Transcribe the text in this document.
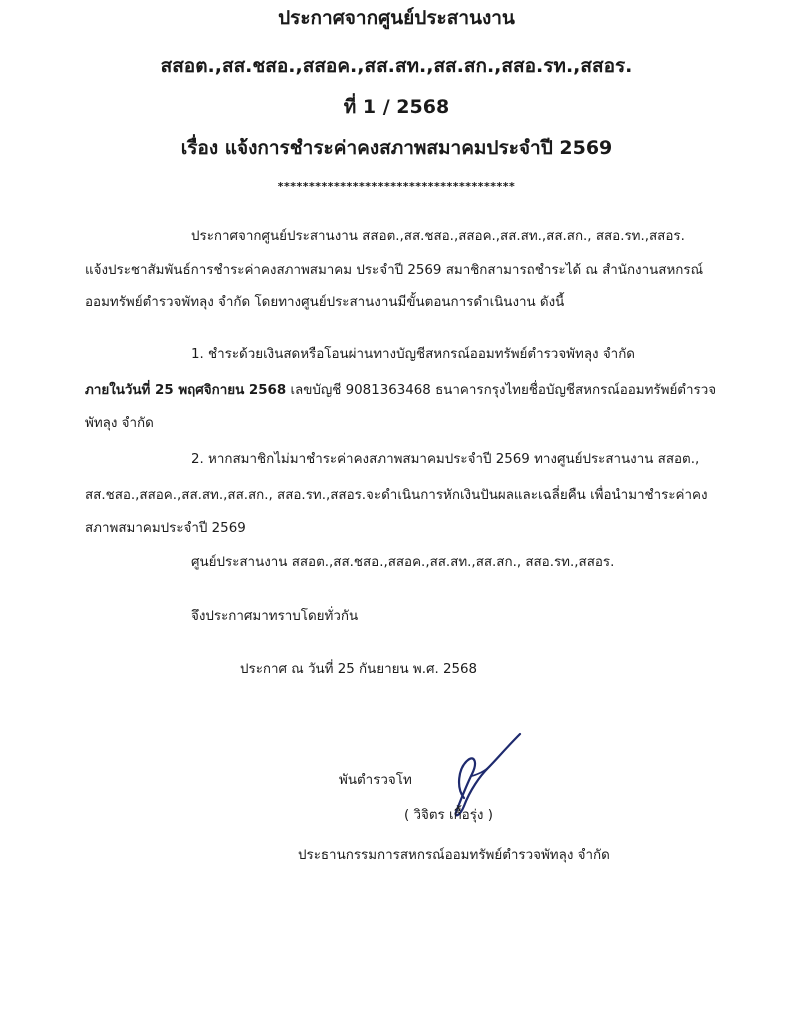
ประกาศจากศูนย์ประสานงาน
สสอต.,สส.ชสอ.,สสอค.,สส.สท.,สส.สก.,สสอ.รท.,สสอร.
ที่ 1 / 2568
เรื่อง แจ้งการชำระค่าคงสภาพสมาคมประจำปี 2569
**************************************
ประกาศจากศูนย์ประสานงาน สสอต.,สส.ชสอ.,สสอค.,สส.สท.,สส.สก., สสอ.รท.,สสอร.
แจ้งประชาสัมพันธ์การชำระค่าคงสภาพสมาคม ประจำปี 2569 สมาชิกสามารถชำระได้ ณ สำนักงานสหกรณ์
ออมทรัพย์ตำรวจพัทลุง จำกัด โดยทางศูนย์ประสานงานมีขั้นตอนการดำเนินงาน ดังนี้
1. ชำระด้วยเงินสดหรือโอนผ่านทางบัญชีสหกรณ์ออมทรัพย์ตำรวจพัทลุง จำกัด
ภายในวันที่ 25 พฤศจิกายน 2568 เลขบัญชี 9081363468 ธนาคารกรุงไทยชื่อบัญชีสหกรณ์ออมทรัพย์ตำรวจ
พัทลุง จำกัด
2. หากสมาชิกไม่มาชำระค่าคงสภาพสมาคมประจำปี 2569 ทางศูนย์ประสานงาน สสอต.,
สส.ชสอ.,สสอค.,สส.สท.,สส.สก., สสอ.รท.,สสอร.จะดำเนินการหักเงินปันผลและเฉลี่ยคืน เพื่อนำมาชำระค่าคง
สภาพสมาคมประจำปี 2569
ศูนย์ประสานงาน สสอต.,สส.ชสอ.,สสอค.,สส.สท.,สส.สก., สสอ.รท.,สสอร.
จึงประกาศมาทราบโดยทั่วกัน
ประกาศ ณ วันที่ 25 กันยายน พ.ศ. 2568
พันตำรวจโท
( วิจิตร เกื้อรุ่ง )
ประธานกรรมการสหกรณ์ออมทรัพย์ตำรวจพัทลุง จำกัด
